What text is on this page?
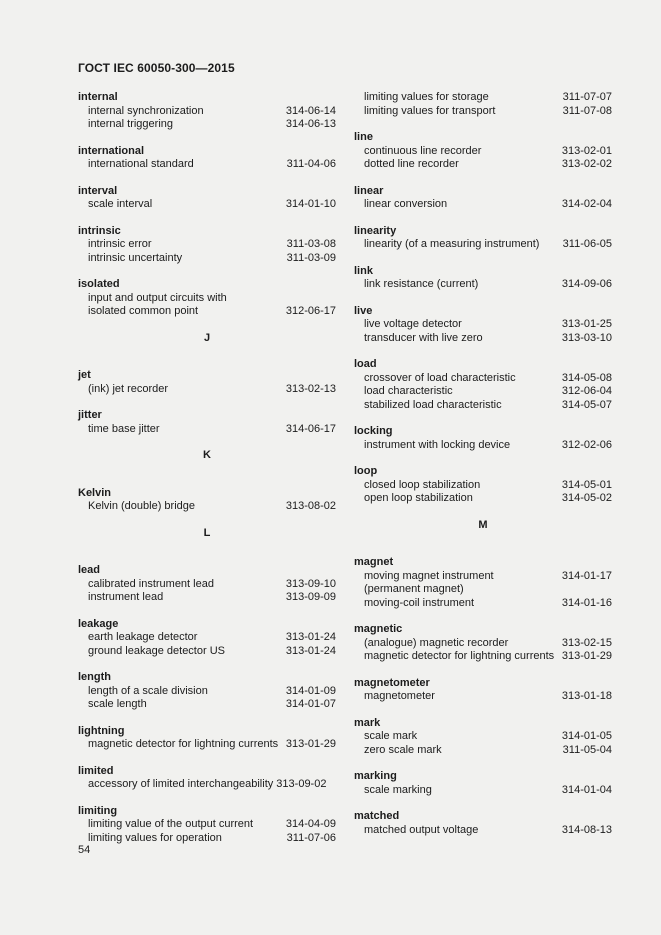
ГОСТ IEC 60050-300—2015
internal
internal synchronization	314-06-14
internal triggering	314-06-13
international
international standard	311-04-06
interval
scale interval	314-01-10
intrinsic
intrinsic error	311-03-08
intrinsic uncertainty	311-03-09
isolated
input and output circuits with
isolated common point	312-06-17
J
jet
(ink) jet recorder	313-02-13
jitter
time base jitter	314-06-17
K
Kelvin
Kelvin (double) bridge	313-08-02
L
lead
calibrated instrument lead	313-09-10
instrument lead	313-09-09
leakage
earth leakage detector	313-01-24
ground leakage detector US	313-01-24
length
length of a scale division	314-01-09
scale length	314-01-07
lightning
magnetic detector for lightning currents 313-01-29
limited
accessory of limited interchangeability 313-09-02
limiting
limiting value of the output current	314-04-09
limiting values for operation	311-07-06
limiting values for storage	311-07-07
limiting values for transport	311-07-08
line
continuous line recorder	313-02-01
dotted line recorder	313-02-02
linear
linear conversion	314-02-04
linearity
linearity (of a measuring instrument)	311-06-05
link
link resistance (current)	314-09-06
live
live voltage detector	313-01-25
transducer with live zero	313-03-10
load
crossover of load characteristic	314-05-08
load characteristic	312-06-04
stabilized load characteristic	314-05-07
locking
instrument with locking device	312-02-06
loop
closed loop stabilization	314-05-01
open loop stabilization	314-05-02
M
magnet
moving magnet instrument	314-01-17
(permanent magnet)
moving-coil instrument	314-01-16
magnetic
(analogue) magnetic recorder	313-02-15
magnetic detector for lightning currents 313-01-29
magnetometer
magnetometer	313-01-18
mark
scale mark	314-01-05
zero scale mark	311-05-04
marking
scale marking	314-01-04
matched
matched output voltage	314-08-13
54
